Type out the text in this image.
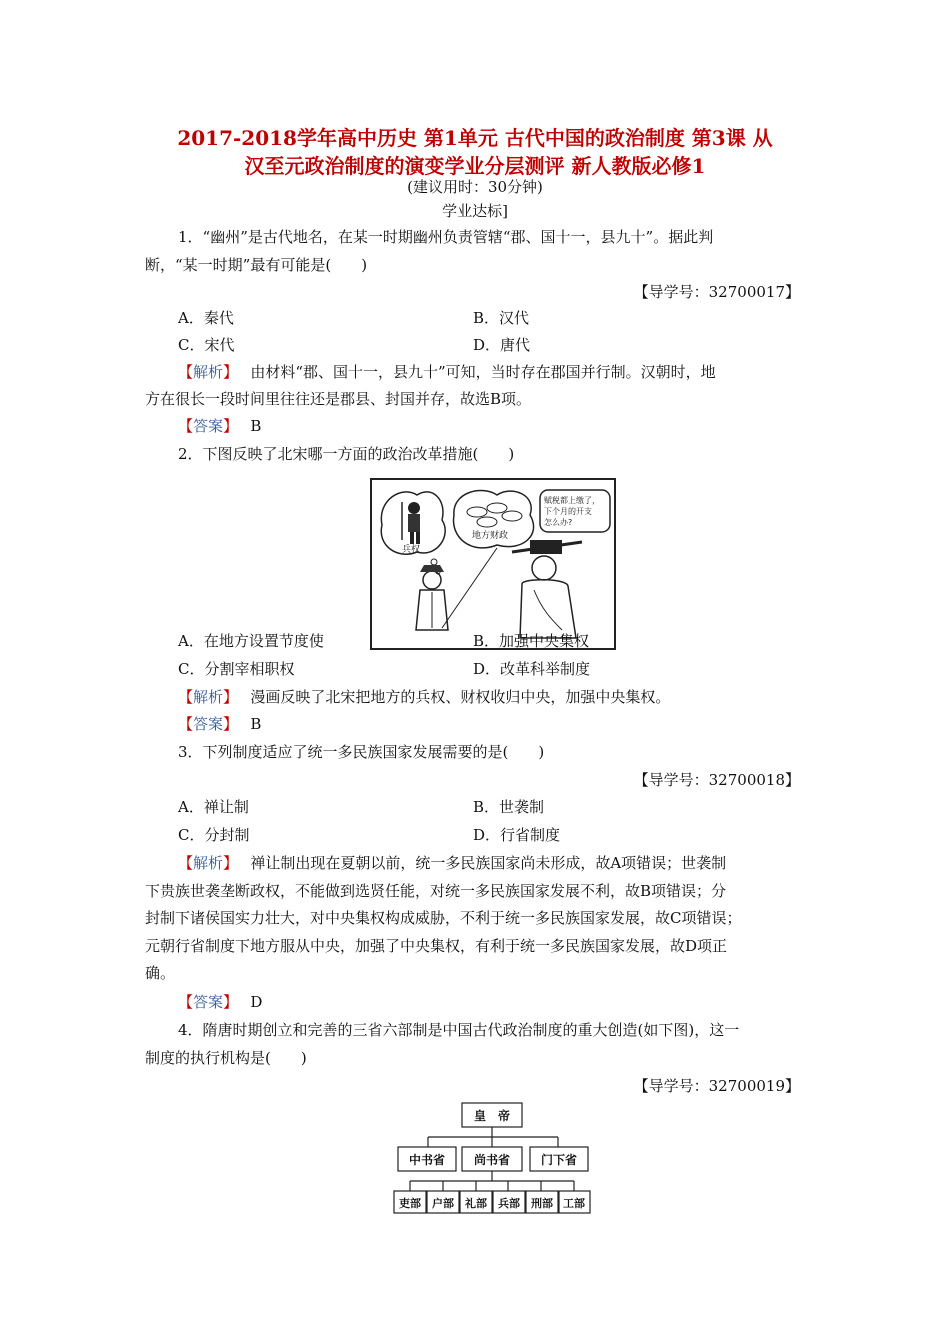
2017-2018学年高中历史 第1单元 古代中国的政治制度 第3课 从
汉至元政治制度的演变学业分层测评 新人教版必修1
(建议用时：30分钟)
学业达标]
1．“幽州”是古代地名，在某一时期幽州负责管辖“郡、国十一，县九十”。据此判
断，“某一时期”最有可能是(　　)
【导学号：32700017】
A．秦代	B．汉代
C．宋代	D．唐代
【解析】　 由材料“郡、国十一，县九十”可知，当时存在郡国并行制。汉朝时，地
方在很长一段时间里往往还是郡县、封国并存，故选B项。
【答案】　 B
2．下图反映了北宋哪一方面的政治改革措施(　　)
兵权
地方财政
赋税都上缴了，
下个月的开支
怎么办?
A．在地方设置节度使	B．加强中央集权
C．分割宰相职权	D．改革科举制度
【解析】　 漫画反映了北宋把地方的兵权、财权收归中央，加强中央集权。
【答案】　 B
3．下列制度适应了统一多民族国家发展需要的是(　　)
【导学号：32700018】
A．禅让制	B．世袭制
C．分封制	D．行省制度
【解析】　 禅让制出现在夏朝以前，统一多民族国家尚未形成，故A项错误；世袭制
下贵族世袭垄断政权，不能做到选贤任能，对统一多民族国家发展不利，故B项错误；分
封制下诸侯国实力壮大，对中央集权构成威胁，不利于统一多民族国家发展，故C项错误；
元朝行省制度下地方服从中央，加强了中央集权，有利于统一多民族国家发展，故D项正
确。
【答案】　 D
4．隋唐时期创立和完善的三省六部制是中国古代政治制度的重大创造(如下图)，这一
制度的执行机构是(　　)
【导学号：32700019】
皇　帝
中书省 尚书省	门下省
吏部 户部 礼部 兵部 刑部 工部
